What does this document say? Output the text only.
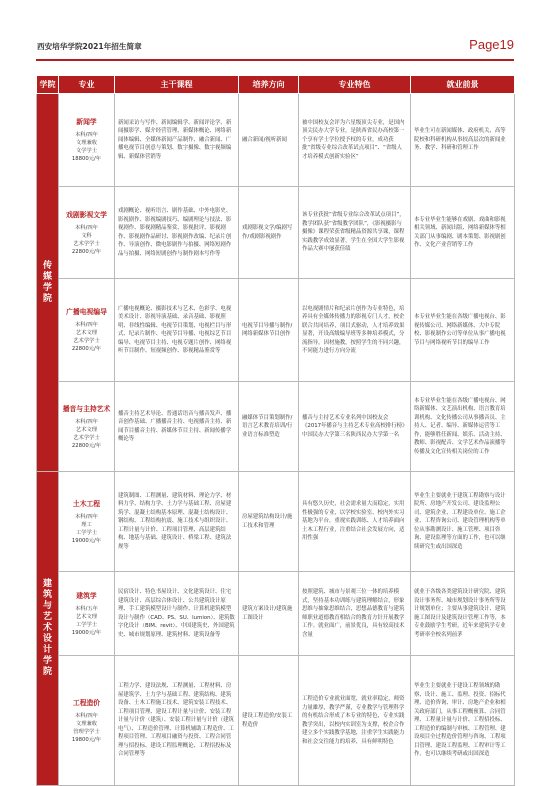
西安培华学院2021年招生简章	Page19
学院	专业	主干课程	培养方向	专业特色	就业前景
传媒学院	新闻学
本科/四年
文理兼收
文学学士
18800元/年	新闻采访与写作、新闻编辑学、新闻评论学、新闻摄影学、媒介经营管理、新媒体概论、网络新闻体编辑、全媒体新闻产品制作、融合新闻、广播电视节目创意与策划、数字摄像、数字视频编辑、新媒体营销等	融合新闻/视听新闻	被中国校友会评为六星级顶尖专业，是国内顶尖民办大学专业，是陕西省民办高校第一个享有学士学位授予权的专业，成功获批“省级专业综合改革试点项目”、“省级人才培养模式创新实验区”	毕业生可在新闻媒体、政府机关、高等院校和科研机构从事较高层次的新闻业务、教学、科研和管理工作

	戏剧影视文学
本科/四年
文科
艺术学学士
22800元/年	戏剧概论、视听语言、剧作基础、中外电影史、影视剧作、影视编剧技巧、编剧理论与技法、影视剧作、影视剧精品鉴赏、影视批评、影视剧作、影视剧作品研讨、影视剧作改编、纪录片创作、导演创作、微电影剧作与拍摄、网络短剧作品与拍摄、网络短剧创作与制作剧本写作等	戏剧影视文学/编剧写作/戏剧影视剧作	该专业获批“省级专业综合改革试点项目”，教学团队获“省级教学团队”，《影视摄影与摄像》课程荣获省级精品资源共享课，课程实践教学成效显著，学生在全国大学生影视作品大赛中屡获佳绩	本专业毕业生能够在戏剧、戏曲和影视相关领域、新闻出版、网络新媒体等相关部门从事编剧、剧本策划、影视剧创作、文化产业营销等工作

	广播电视编导
本科/四年
艺术文理
艺术学学士
22800元/年	广播电视概论、摄影技术与艺术、色彩学、电视美术设计、影视导演基础、录音基础、影视照明、非线性编辑、电视节目策划、电视栏目与形式、纪录片制作、电视节目导播、电视综艺节目编导、电视节目主持、电视专题片创作、网络视听节目制作、短视频创作、影视精品鉴赏等	电视节目导播与制作/网络新媒体节目创作	以电视剧情片和纪录片创作为专业特色，培养具有全媒体传播力的影视专门人才，校企联合共同培养，项目式驱动，人才培养效果显著，开设高级编导班等多种培养模式，分流指导，因材施教，按照学生的不同兴趣，不同能力进行方向分流	本专业毕业生能在各级广播电视台、影视传媒公司、网络新媒体、大中专院校、影视制作公司等单位从事广播电视节目与网络视听节目的编导工作

	播音与主持艺术
本科/四年
艺术文理
艺术学学士
22800元/年	播音主持艺术导论、普通话语音与播音发声、播音创作基础、广播播音主持、电视播音主持、新闻节目播音主持、新媒体节目主持、新闻传播学概论等	融媒体节目策划制作/语言艺术教育培训/行业语言标准塑造	播音与主持艺术专业名列中国校友会《2017年播音与主持艺术专业高校排行榜》中国民办大学第三名陕西民办大学第一名	本专业毕业生能在各级广播电视台、网络新媒体、文艺演出机构、语言教育培训机构、文化传播公司从事播音员、主持人、记者、编导、新媒体运营等工作，能够胜任新闻、娱乐、活动主持、教师、影视配音、文学艺术作品演播等传播及文化宣传相关岗位的工作
建筑与艺术设计学院	土木工程
本科/四年
理工
工学学士
19000元/年	建筑制图、工程测量、建筑材料、理论力学、材料力学、结构力学、土力学与基础工程、房屋建筑学、混凝土结构基本原理、混凝土结构设计、钢结构、工程结构抗震、施工技术与组织设计、工程计量与计价、工程项目管理、高层建筑结构、地基与基础、建筑设计、桥梁工程、建筑法规等	房屋建筑结构设计/施工技术和管理	具有悠久历史，社会需求量大而稳定，实用性极强的专业，以学校实验室、校内外实习基地为平台，重视实践训练、人才培养面向土木工程行业，注重结合社会发展方向，适用性强	毕业生主要就业于建筑工程勘察与设计院所、房地产开发公司、建设监理公司、建筑企业、工程建设单位、施工企业、工程咨询公司、建设管理机构等单位从事勘测设计、施工管理、项目咨询、建设监理等方面的工作，也可以继续研究生或出国深造

	建筑学
本科/五年
艺术文理
工学学士
19000元/年	民宿设计、特色书屋设计、文化建筑设计、住宅建筑设计、高层综合体设计、公共建筑设计原理、手工建筑模型设计与制作、计算机建筑模型设计与制作（CAD、PS、SU、lumion）、建筑数字化设计（BIM、revit）、中国建筑史、外国建筑史、城市规划原理、建筑材料、建筑设备等	建筑方案设计/建筑施工图设计	按照建筑、城市与景观三位一体的培养模式，坚持基本功训练与建筑理解结合，形象思维与抽象思维结合，思想品德教育与建筑师职业道德教育相结合的教育方针开展教学工作。就业面广，前景优良，具有较高技术含量	就业于各级各类建筑设计研究院、建筑设计事务所、城市规划设计事务所等设计规划单位；主要从事建筑设计、建筑施工图设计及建筑设计管理工作等，本专业鼓励学生考研，近年来建筑学专业考研率全校名列前茅

	工程造价
本科/四年
文理兼收
管理学学士
19800元/年	工程力学、建设法规、工程测量、工程材料、房屋建筑学、土力学与基础工程、建筑结构、建筑设备、土木工程施工技术、建筑安装工程技术、工程项目管理、建设工程计量与计价、安装工程计量与计价（建筑）、安装工程计量与计价（建筑电气）、工程造价管理、计算机辅助工程造价、工程项目管理、工程项目融资与投资、工程合同管理与招投标、建设工程监理概论、工程招投标及合同管理等	建设工程造价/安装工程造价	工程造价专业就业面宽，就业率稳定，师资力量雄厚，教学严谨，专业教学与管理科学的有机结合形成了本专业的特色，专业实践教学突出，以校内实训室为支撑，校企合作建立多个实践教学基地，注重学生实践能力和社会交往能力的培养，具有鲜明特色	毕业生主要就业于建设工程领域的勘察、设计、施工、监理、投资、招标代理、造价咨询、审计、房地产企业和相关政府部门，从事工程概预算、合同管理、工程量计量与计价、工程招投标、工程造价的编制与审核、工程管理、建设项目全过程造价管理与咨询、工程项目管理、建设工程监理、工程审计等工作，也可以继续考研或出国深造
